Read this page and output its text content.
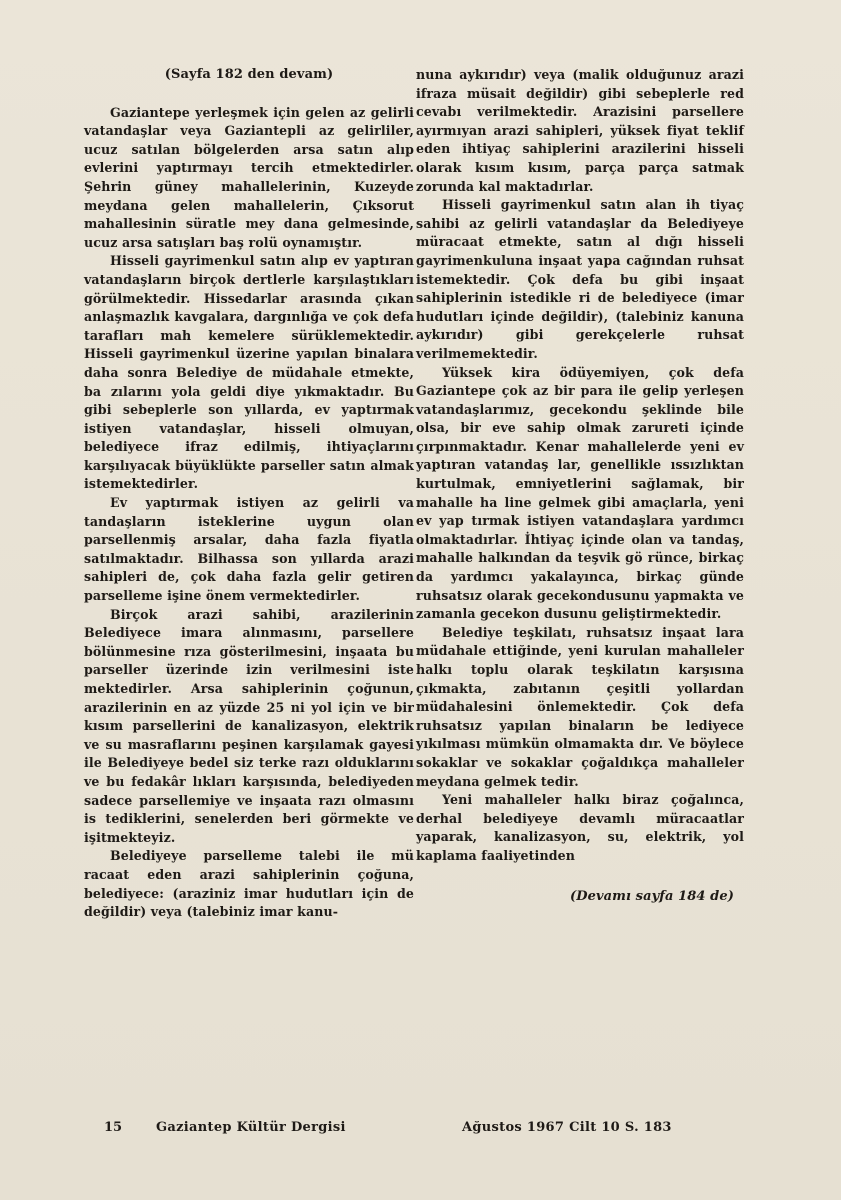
(Sayfa 182 den devam)

Gaziantepe yerleşmek için gelen az gelirli vatandaşlar veya Gaziantepli az gelirliler, ucuz satılan bölgelerden arsa satın alıp evlerini yaptırmayı tercih etmektedirler. Şehrin güney mahallelerinin, Kuzeyde meydana gelen mahallelerin, Çıksorut mahallesinin süratle mey dana gelmesinde, ucuz arsa satışları baş rolü oynamıştır.

Hisseli gayrimenkul satın alıp ev yaptıran vatandaşların birçok dertlerle karşılaştıkları görülmektedir. Hissedarlar arasında çıkan anlaşmazlık kavgalara, dargınlığa ve çok defa tarafları mah kemelere sürüklemektedir. Hisseli gayrimenkul üzerine yapılan binalara daha sonra Belediye de müdahale etmekte, ba zılarını yola geldi diye yıkmaktadır. Bu gibi sebeplerle son yıllarda, ev yaptırmak istiyen vatandaşlar, hisseli olmuyan, belediyece ifraz edilmiş, ihtiyaçlarını karşılıyacak büyüklükte parseller satın almak istemektedirler.

Ev yaptırmak istiyen az gelirli va tandaşların isteklerine uygun olan parsellenmiş arsalar, daha fazla fiyatla satılmaktadır. Bilhassa son yıllarda arazi sahipleri de, çok daha fazla gelir getiren parselleme işine önem vermektedirler.

Birçok arazi sahibi, arazilerinin Belediyece imara alınmasını, parsellere bölünmesine rıza gösterilmesini, inşaata bu parseller üzerinde izin verilmesini iste mektedirler. Arsa sahiplerinin çoğunun, arazilerinin en az yüzde 25 ni yol için ve bir kısım parsellerini de kanalizasyon, elektrik ve su masraflarını peşinen karşılamak gayesi ile Belediyeye bedel siz terke razı olduklarını ve bu fedakâr lıkları karşısında, belediyeden sadece parsellemiye ve inşaata razı olmasını is tediklerini, senelerden beri görmekte ve işitmekteyiz.

Belediyeye parselleme talebi ile mü racaat eden arazi sahiplerinin çoğuna, belediyece: (araziniz imar hudutları için de değildir) veya (talebiniz imar kanu-

nuna aykırıdır) veya (malik olduğunuz arazi ifraza müsait değildir) gibi sebeplerle red cevabı verilmektedir. Arazisini parsellere ayırmıyan arazi sahipleri, yüksek fiyat teklif eden ihtiyaç sahiplerini arazilerini hisseli olarak kısım kısım, parça parça satmak zorunda kal maktadırlar.

Hisseli gayrimenkul satın alan ih tiyaç sahibi az gelirli vatandaşlar da Belediyeye müracaat etmekte, satın al dığı hisseli gayrimenkuluna inşaat yapa cağından ruhsat istemektedir. Çok defa bu gibi inşaat sahiplerinin istedikle ri de belediyece (imar hudutları içinde değildir), (talebiniz kanuna aykırıdır) gibi gerekçelerle ruhsat verilmemektedir.

Yüksek kira ödüyemiyen, çok defa Gaziantepe çok az bir para ile gelip yerleşen vatandaşlarımız, gecekondu şeklinde bile olsa, bir eve sahip olmak zarureti içinde çırpınmaktadır. Kenar mahallelerde yeni ev yaptıran vatandaş lar, genellikle ıssızlıktan kurtulmak, emniyetlerini sağlamak, bir mahalle ha line gelmek gibi amaçlarla, yeni ev yap tırmak istiyen vatandaşlara yardımcı olmaktadırlar. İhtiyaç içinde olan va tandaş, mahalle halkından da teşvik gö rünce, birkaç da yardımcı yakalayınca, birkaç günde ruhsatsız olarak gecekondusunu yapmakta ve zamanla gecekon dusunu geliştirmektedir.

Belediye teşkilatı, ruhsatsız inşaat lara müdahale ettiğinde, yeni kurulan mahalleler halkı toplu olarak teşkilatın karşısına çıkmakta, zabıtanın çeşitli yollardan müdahalesini önlemektedir. Çok defa ruhsatsız yapılan binaların be lediyece yıkılması mümkün olmamakta dır. Ve böylece sokaklar ve sokaklar çoğaldıkça mahalleler meydana gelmek tedir.

Yeni mahalleler halkı biraz çoğalınca, derhal belediyeye devamlı müracaatlar yaparak, kanalizasyon, su, elektrik, yol kaplama faaliyetinden

(Devamı sayfa 184 de)

15	Gaziantep Kültür Dergisi	Ağustos 1967 Cilt 10 S. 183
